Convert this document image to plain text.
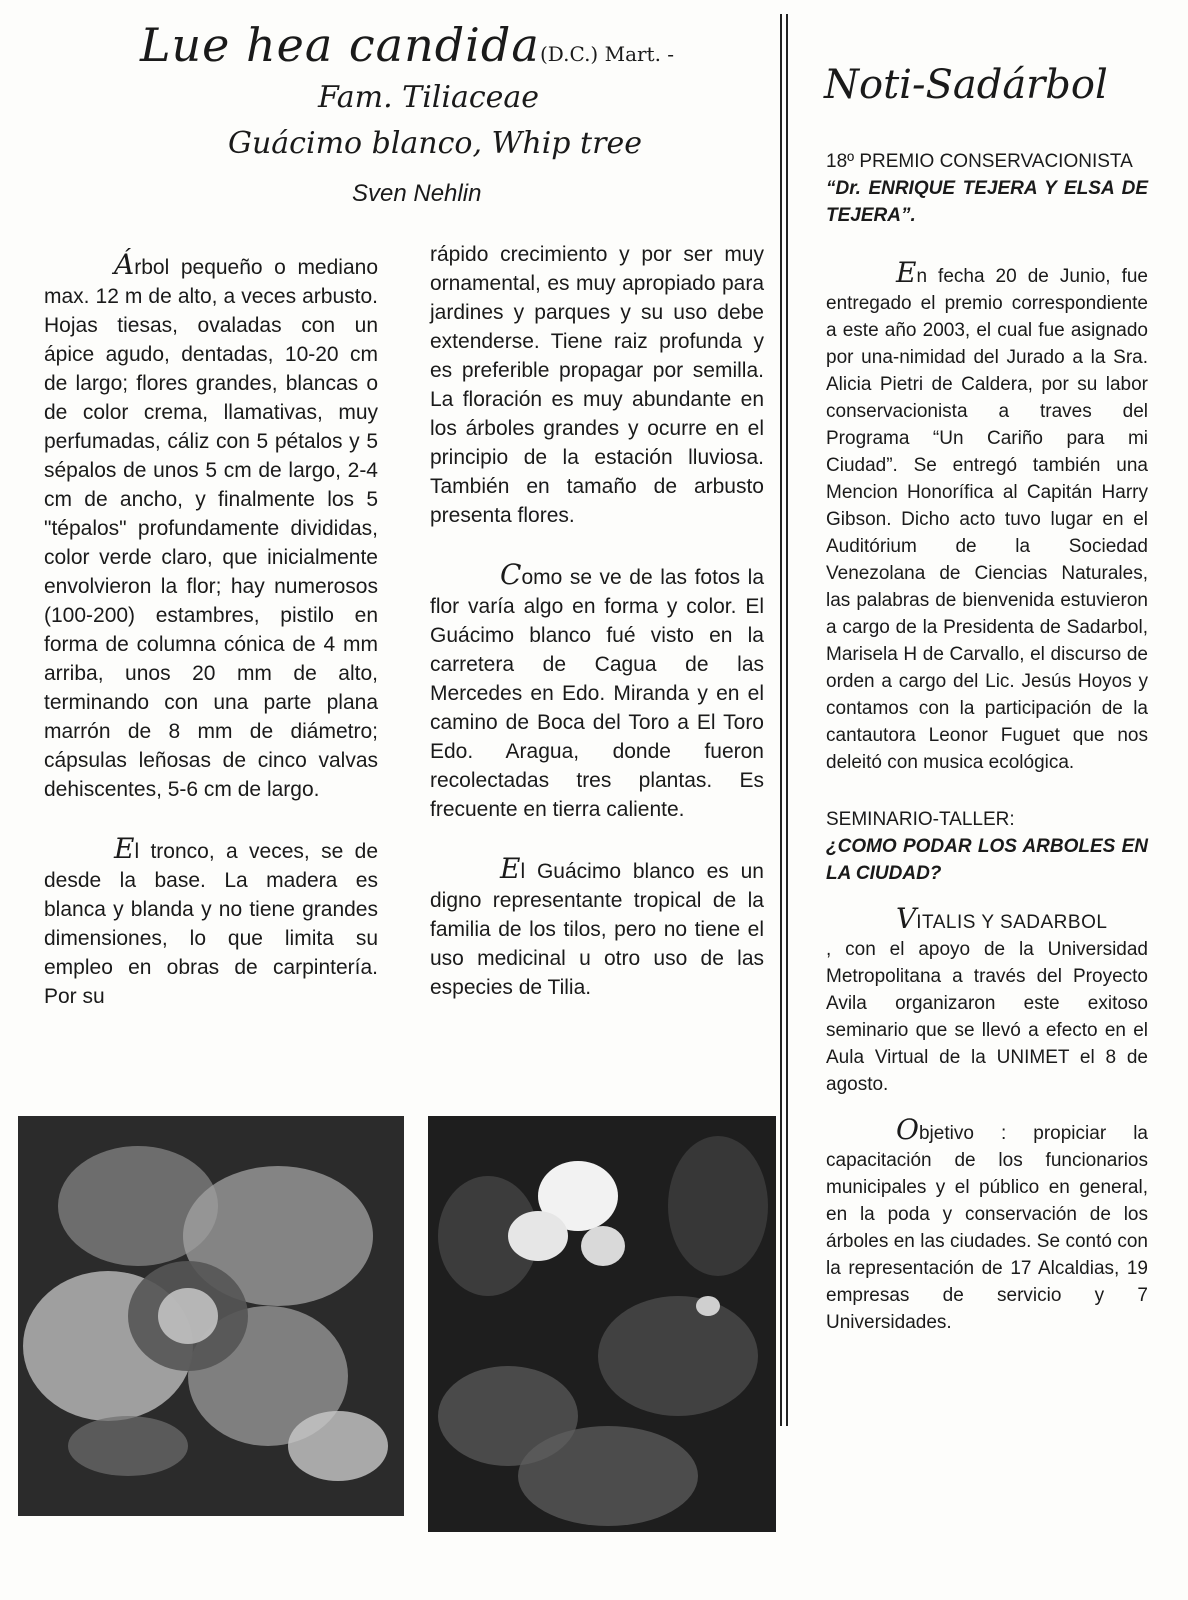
Lue hea candida (D.C.) Mart. -
Fam. Tiliaceae
Guácimo blanco, Whip tree
Sven Nehlin

Árbol pequeño o mediano max. 12 m de alto, a veces arbusto. Hojas tiesas, ovaladas con un ápice agudo, dentadas, 10-20 cm de largo; flores grandes, blancas o de color crema, llamativas, muy perfumadas, cáliz con 5 pétalos y 5 sépalos de unos 5 cm de largo, 2-4 cm de ancho, y finalmente los 5 "tépalos" profundamente divididas, color verde claro, que inicialmente envolvieron la flor; hay numerosos (100-200) estambres, pistilo en forma de columna cónica de 4 mm arriba, unos 20 mm de alto, terminando con una parte plana marrón de 8 mm de diámetro; cápsulas leñosas de cinco valvas dehiscentes, 5-6 cm de largo.

El tronco, a veces, se de desde la base. La madera es blanca y blanda y no tiene grandes dimensiones, lo que limita su empleo en obras de carpintería. Por su

rápido crecimiento y por ser muy ornamental, es muy apropiado para jardines y parques y su uso debe extenderse. Tiene raiz profunda y es preferible propagar por semilla. La floración es muy abundante en los árboles grandes y ocurre en el principio de la estación lluviosa. También en tamaño de arbusto presenta flores.

Como se ve de las fotos la flor varía algo en forma y color. El Guácimo blanco fué visto en la carretera de Cagua de las Mercedes en Edo. Miranda y en el camino de Boca del Toro a El Toro Edo. Aragua, donde fueron recolectadas tres plantas. Es frecuente en tierra caliente.

El Guácimo blanco es un digno representante tropical de la familia de los tilos, pero no tiene el uso medicinal u otro uso de las especies de Tilia.

Noti-Sadárbol

18º PREMIO CONSERVACIONISTA

“Dr. ENRIQUE TEJERA Y ELSA DE TEJERA”.

En fecha 20 de Junio, fue entregado el premio correspondiente a este año 2003, el cual fue asignado por una-nimidad del Jurado a la Sra. Alicia Pietri de Caldera, por su labor conservacionista a traves del Programa “Un Cariño para mi Ciudad”. Se entregó también una Mencion Honorífica al Capitán Harry Gibson. Dicho acto tuvo lugar en el Auditórium de la Sociedad Venezolana de Ciencias Naturales, las palabras de bienvenida estuvieron a cargo de la Presidenta de Sadarbol, Marisela H de Carvallo, el discurso de orden a cargo del Lic. Jesús Hoyos y contamos con la participación de la cantautora Leonor Fuguet que nos deleitó con musica ecológica.

SEMINARIO-TALLER:

¿COMO PODAR LOS ARBOLES EN LA CIUDAD?

VITALIS Y SADARBOL

, con el apoyo de la Universidad Metropolitana a través del Proyecto Avila organizaron este exitoso seminario que se llevó a efecto en el Aula Virtual de la UNIMET el 8 de agosto.

Objetivo : propiciar la capacitación de los funcionarios municipales y el público en general, en la poda y conservación de los árboles en las ciudades. Se contó con la representación de 17 Alcaldias, 19 empresas de servicio y 7 Universidades.
